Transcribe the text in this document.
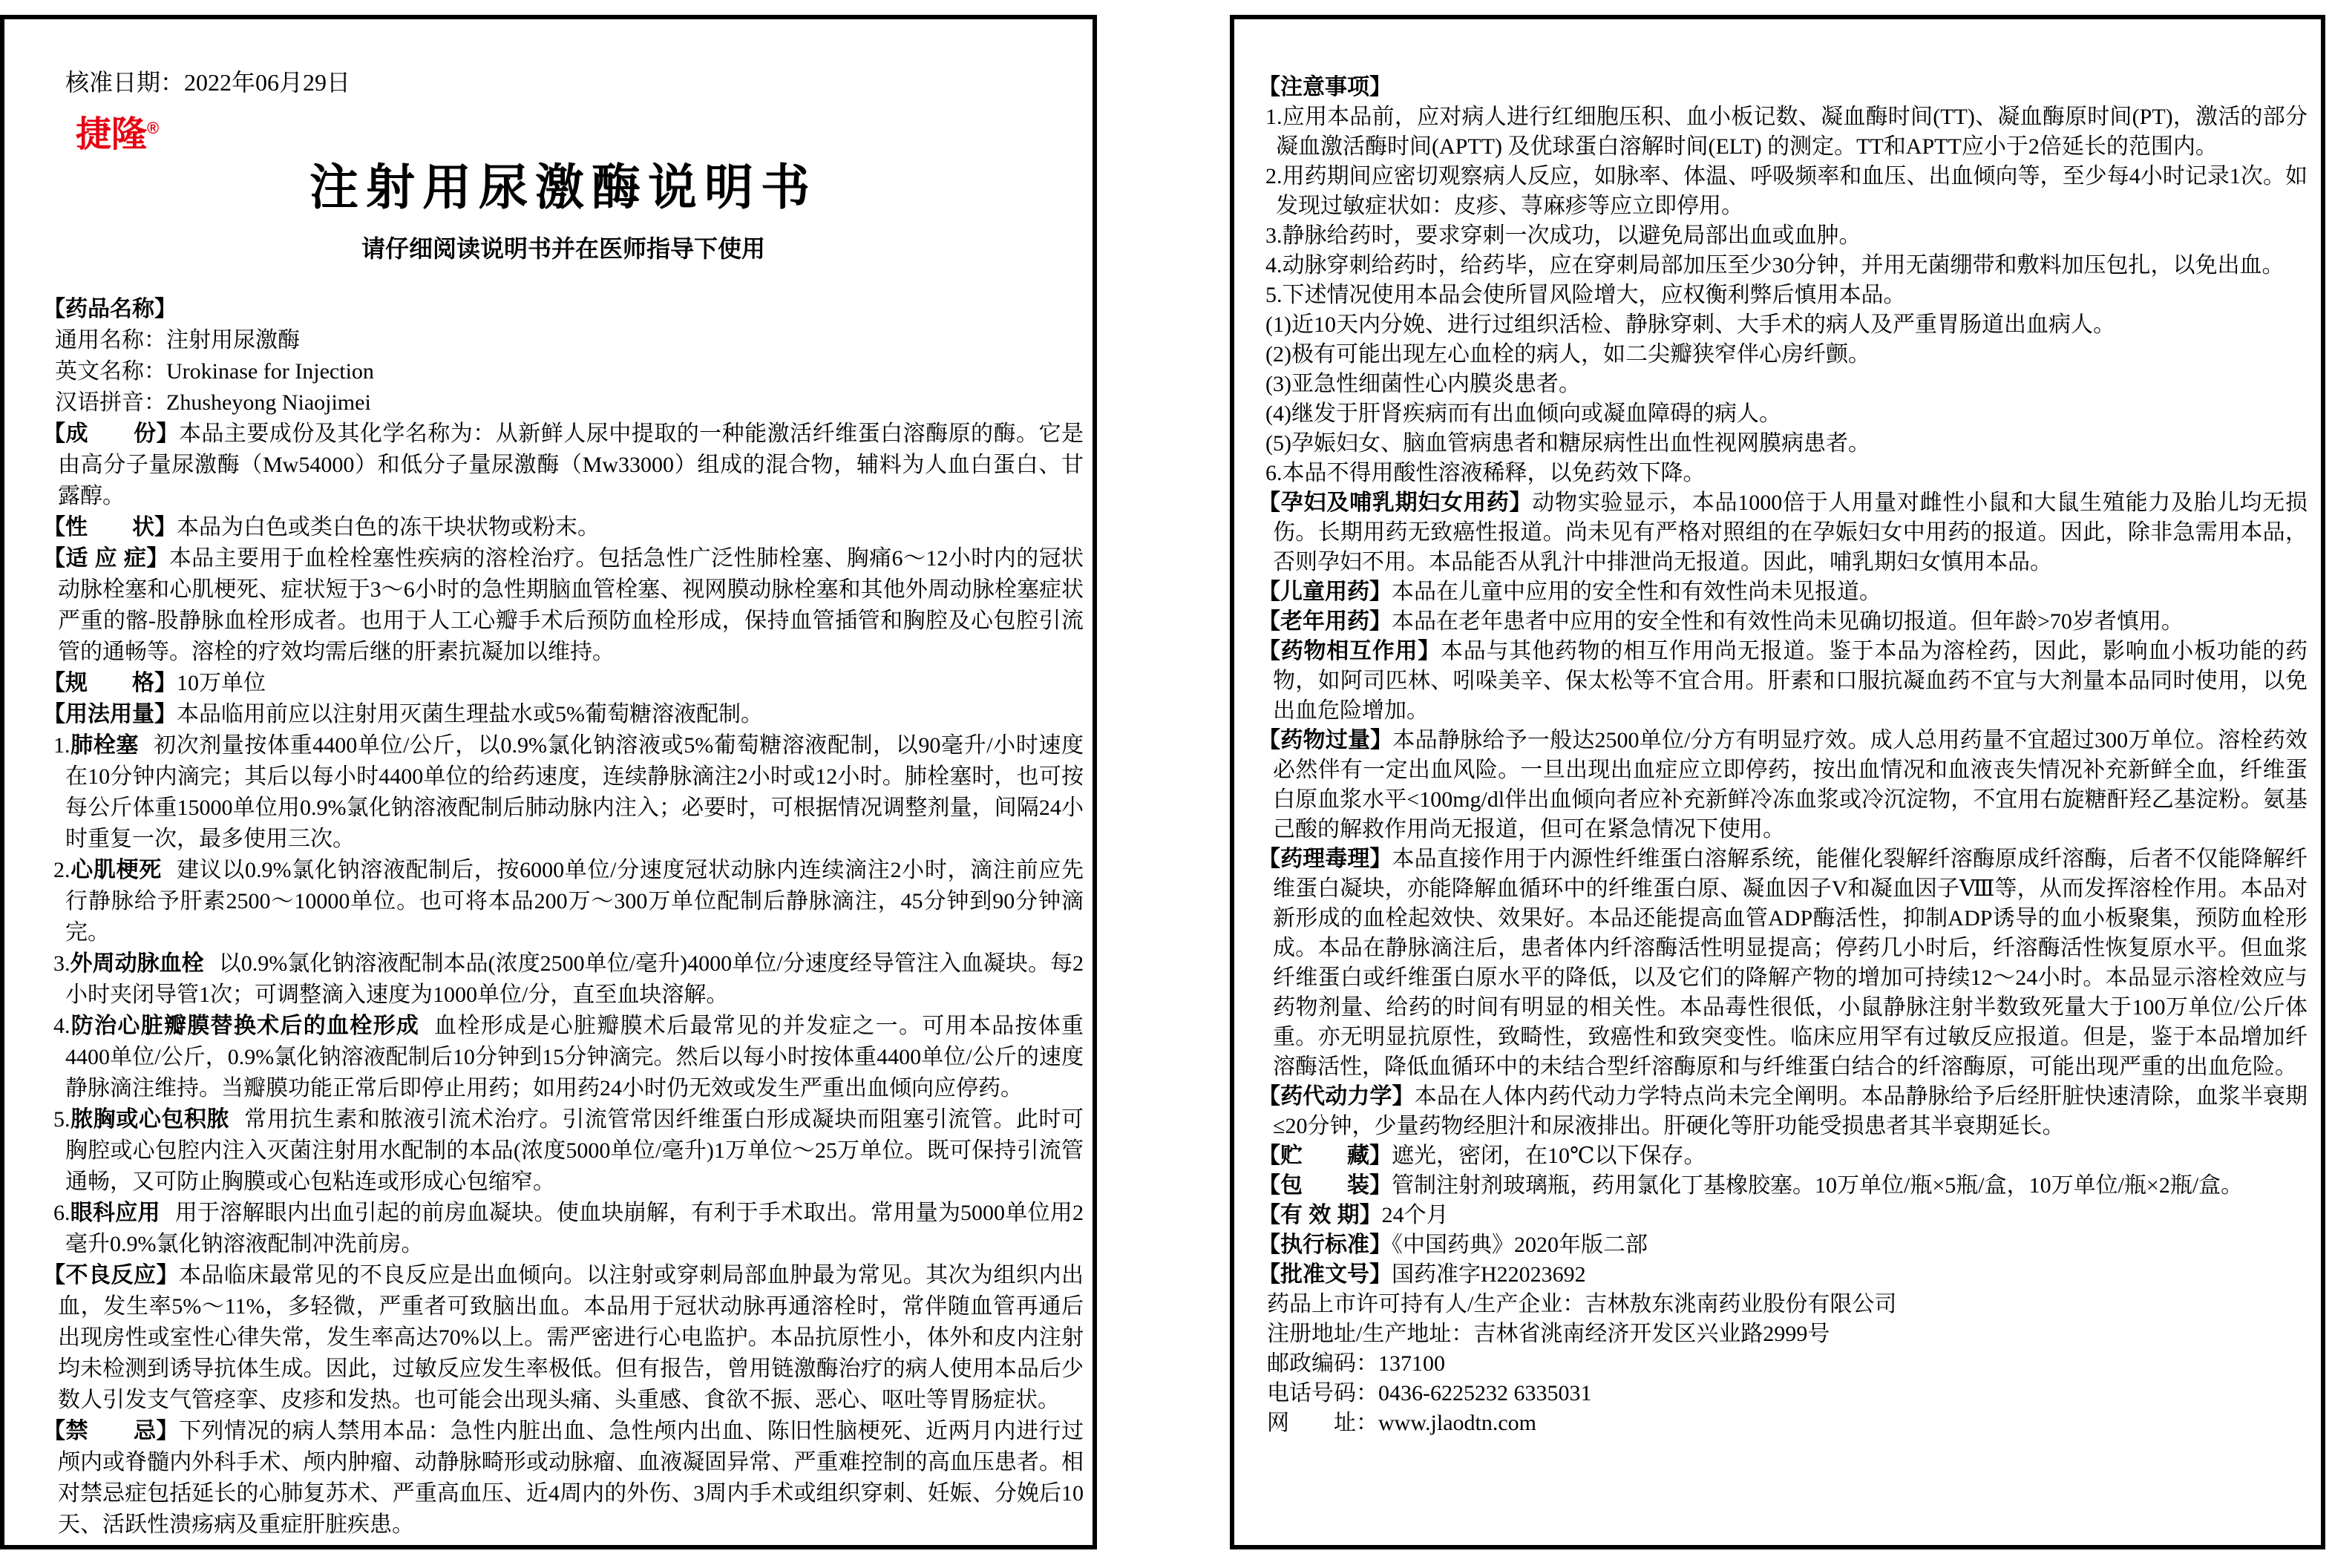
核准日期：2022年06月29日

捷隆®
注射用尿激酶说明书
请仔细阅读说明书并在医师指导下使用

【药品名称】

通用名称：注射用尿激酶

英文名称：Urokinase for Injection

汉语拼音：Zhusheyong Niaojimei

【成　　份】本品主要成份及其化学名称为：从新鲜人尿中提取的一种能激活纤维蛋白溶酶原的酶。它是由高分子量尿激酶（Mw54000）和低分子量尿激酶（Mw33000）组成的混合物，辅料为人血白蛋白、甘露醇。

【性　　状】本品为白色或类白色的冻干块状物或粉末。

【适 应 症】本品主要用于血栓栓塞性疾病的溶栓治疗。包括急性广泛性肺栓塞、胸痛6～12小时内的冠状动脉栓塞和心肌梗死、症状短于3～6小时的急性期脑血管栓塞、视网膜动脉栓塞和其他外周动脉栓塞症状严重的髂-股静脉血栓形成者。也用于人工心瓣手术后预防血栓形成，保持血管插管和胸腔及心包腔引流管的通畅等。溶栓的疗效均需后继的肝素抗凝加以维持。

【规　　格】10万单位

【用法用量】本品临用前应以注射用灭菌生理盐水或5%葡萄糖溶液配制。

1.肺栓塞 初次剂量按体重4400单位/公斤，以0.9%氯化钠溶液或5%葡萄糖溶液配制，以90毫升/小时速度在10分钟内滴完；其后以每小时4400单位的给药速度，连续静脉滴注2小时或12小时。肺栓塞时，也可按每公斤体重15000单位用0.9%氯化钠溶液配制后肺动脉内注入；必要时，可根据情况调整剂量，间隔24小时重复一次，最多使用三次。

2.心肌梗死 建议以0.9%氯化钠溶液配制后，按6000单位/分速度冠状动脉内连续滴注2小时，滴注前应先行静脉给予肝素2500～10000单位。也可将本品200万～300万单位配制后静脉滴注，45分钟到90分钟滴完。

3.外周动脉血栓 以0.9%氯化钠溶液配制本品(浓度2500单位/毫升)4000单位/分速度经导管注入血凝块。每2小时夹闭导管1次；可调整滴入速度为1000单位/分，直至血块溶解。

4.防治心脏瓣膜替换术后的血栓形成 血栓形成是心脏瓣膜术后最常见的并发症之一。可用本品按体重4400单位/公斤，0.9%氯化钠溶液配制后10分钟到15分钟滴完。然后以每小时按体重4400单位/公斤的速度静脉滴注维持。当瓣膜功能正常后即停止用药；如用药24小时仍无效或发生严重出血倾向应停药。

5.脓胸或心包积脓 常用抗生素和脓液引流术治疗。引流管常因纤维蛋白形成凝块而阻塞引流管。此时可胸腔或心包腔内注入灭菌注射用水配制的本品(浓度5000单位/毫升)1万单位～25万单位。既可保持引流管通畅，又可防止胸膜或心包粘连或形成心包缩窄。

6.眼科应用 用于溶解眼内出血引起的前房血凝块。使血块崩解，有利于手术取出。常用量为5000单位用2毫升0.9%氯化钠溶液配制冲洗前房。

【不良反应】本品临床最常见的不良反应是出血倾向。以注射或穿刺局部血肿最为常见。其次为组织内出血，发生率5%～11%，多轻微，严重者可致脑出血。本品用于冠状动脉再通溶栓时，常伴随血管再通后出现房性或室性心律失常，发生率高达70%以上。需严密进行心电监护。本品抗原性小，体外和皮内注射均未检测到诱导抗体生成。因此，过敏反应发生率极低。但有报告，曾用链激酶治疗的病人使用本品后少数人引发支气管痉挛、皮疹和发热。也可能会出现头痛、头重感、食欲不振、恶心、呕吐等胃肠症状。

【禁　　忌】下列情况的病人禁用本品：急性内脏出血、急性颅内出血、陈旧性脑梗死、近两月内进行过颅内或脊髓内外科手术、颅内肿瘤、动静脉畸形或动脉瘤、血液凝固异常、严重难控制的高血压患者。相对禁忌症包括延长的心肺复苏术、严重高血压、近4周内的外伤、3周内手术或组织穿刺、妊娠、分娩后10天、活跃性溃疡病及重症肝脏疾患。

【注意事项】

1.应用本品前，应对病人进行红细胞压积、血小板记数、凝血酶时间(TT)、凝血酶原时间(PT)，激活的部分凝血激活酶时间(APTT) 及优球蛋白溶解时间(ELT) 的测定。TT和APTT应小于2倍延长的范围内。

2.用药期间应密切观察病人反应，如脉率、体温、呼吸频率和血压、出血倾向等，至少每4小时记录1次。如发现过敏症状如：皮疹、荨麻疹等应立即停用。

3.静脉给药时，要求穿刺一次成功，以避免局部出血或血肿。

4.动脉穿刺给药时，给药毕，应在穿刺局部加压至少30分钟，并用无菌绷带和敷料加压包扎，以免出血。

5.下述情况使用本品会使所冒风险增大，应权衡利弊后慎用本品。

(1)近10天内分娩、进行过组织活检、静脉穿刺、大手术的病人及严重胃肠道出血病人。

(2)极有可能出现左心血栓的病人，如二尖瓣狭窄伴心房纤颤。

(3)亚急性细菌性心内膜炎患者。

(4)继发于肝肾疾病而有出血倾向或凝血障碍的病人。

(5)孕娠妇女、脑血管病患者和糖尿病性出血性视网膜病患者。

6.本品不得用酸性溶液稀释，以免药效下降。

【孕妇及哺乳期妇女用药】动物实验显示，本品1000倍于人用量对雌性小鼠和大鼠生殖能力及胎儿均无损伤。长期用药无致癌性报道。尚未见有严格对照组的在孕娠妇女中用药的报道。因此，除非急需用本品，否则孕妇不用。本品能否从乳汁中排泄尚无报道。因此，哺乳期妇女慎用本品。

【儿童用药】本品在儿童中应用的安全性和有效性尚未见报道。

【老年用药】本品在老年患者中应用的安全性和有效性尚未见确切报道。但年龄>70岁者慎用。

【药物相互作用】本品与其他药物的相互作用尚无报道。鉴于本品为溶栓药，因此，影响血小板功能的药物，如阿司匹林、吲哚美辛、保太松等不宜合用。肝素和口服抗凝血药不宜与大剂量本品同时使用，以免出血危险增加。

【药物过量】本品静脉给予一般达2500单位/分方有明显疗效。成人总用药量不宜超过300万单位。溶栓药效必然伴有一定出血风险。一旦出现出血症应立即停药，按出血情况和血液丧失情况补充新鲜全血，纤维蛋白原血浆水平<100mg/dl伴出血倾向者应补充新鲜冷冻血浆或冷沉淀物，不宜用右旋糖酐羟乙基淀粉。氨基己酸的解救作用尚无报道，但可在紧急情况下使用。

【药理毒理】本品直接作用于内源性纤维蛋白溶解系统，能催化裂解纤溶酶原成纤溶酶，后者不仅能降解纤维蛋白凝块，亦能降解血循环中的纤维蛋白原、凝血因子V和凝血因子Ⅷ等，从而发挥溶栓作用。本品对新形成的血栓起效快、效果好。本品还能提高血管ADP酶活性，抑制ADP诱导的血小板聚集，预防血栓形成。本品在静脉滴注后，患者体内纤溶酶活性明显提高；停药几小时后，纤溶酶活性恢复原水平。但血浆纤维蛋白或纤维蛋白原水平的降低，以及它们的降解产物的增加可持续12～24小时。本品显示溶栓效应与药物剂量、给药的时间有明显的相关性。本品毒性很低，小鼠静脉注射半数致死量大于100万单位/公斤体重。亦无明显抗原性，致畸性，致癌性和致突变性。临床应用罕有过敏反应报道。但是，鉴于本品增加纤溶酶活性，降低血循环中的未结合型纤溶酶原和与纤维蛋白结合的纤溶酶原，可能出现严重的出血危险。

【药代动力学】本品在人体内药代动力学特点尚未完全阐明。本品静脉给予后经肝脏快速清除，血浆半衰期≤20分钟，少量药物经胆汁和尿液排出。肝硬化等肝功能受损患者其半衰期延长。

【贮　　藏】遮光，密闭，在10℃以下保存。

【包　　装】管制注射剂玻璃瓶，药用氯化丁基橡胶塞。10万单位/瓶×5瓶/盒，10万单位/瓶×2瓶/盒。

【有 效 期】24个月

【执行标准】《中国药典》2020年版二部

【批准文号】国药准字H22023692

药品上市许可持有人/生产企业：吉林敖东洮南药业股份有限公司

注册地址/生产地址：吉林省洮南经济开发区兴业路2999号

邮政编码：137100

电话号码：0436-6225232 6335031

网　　址：www.jlaodtn.com
